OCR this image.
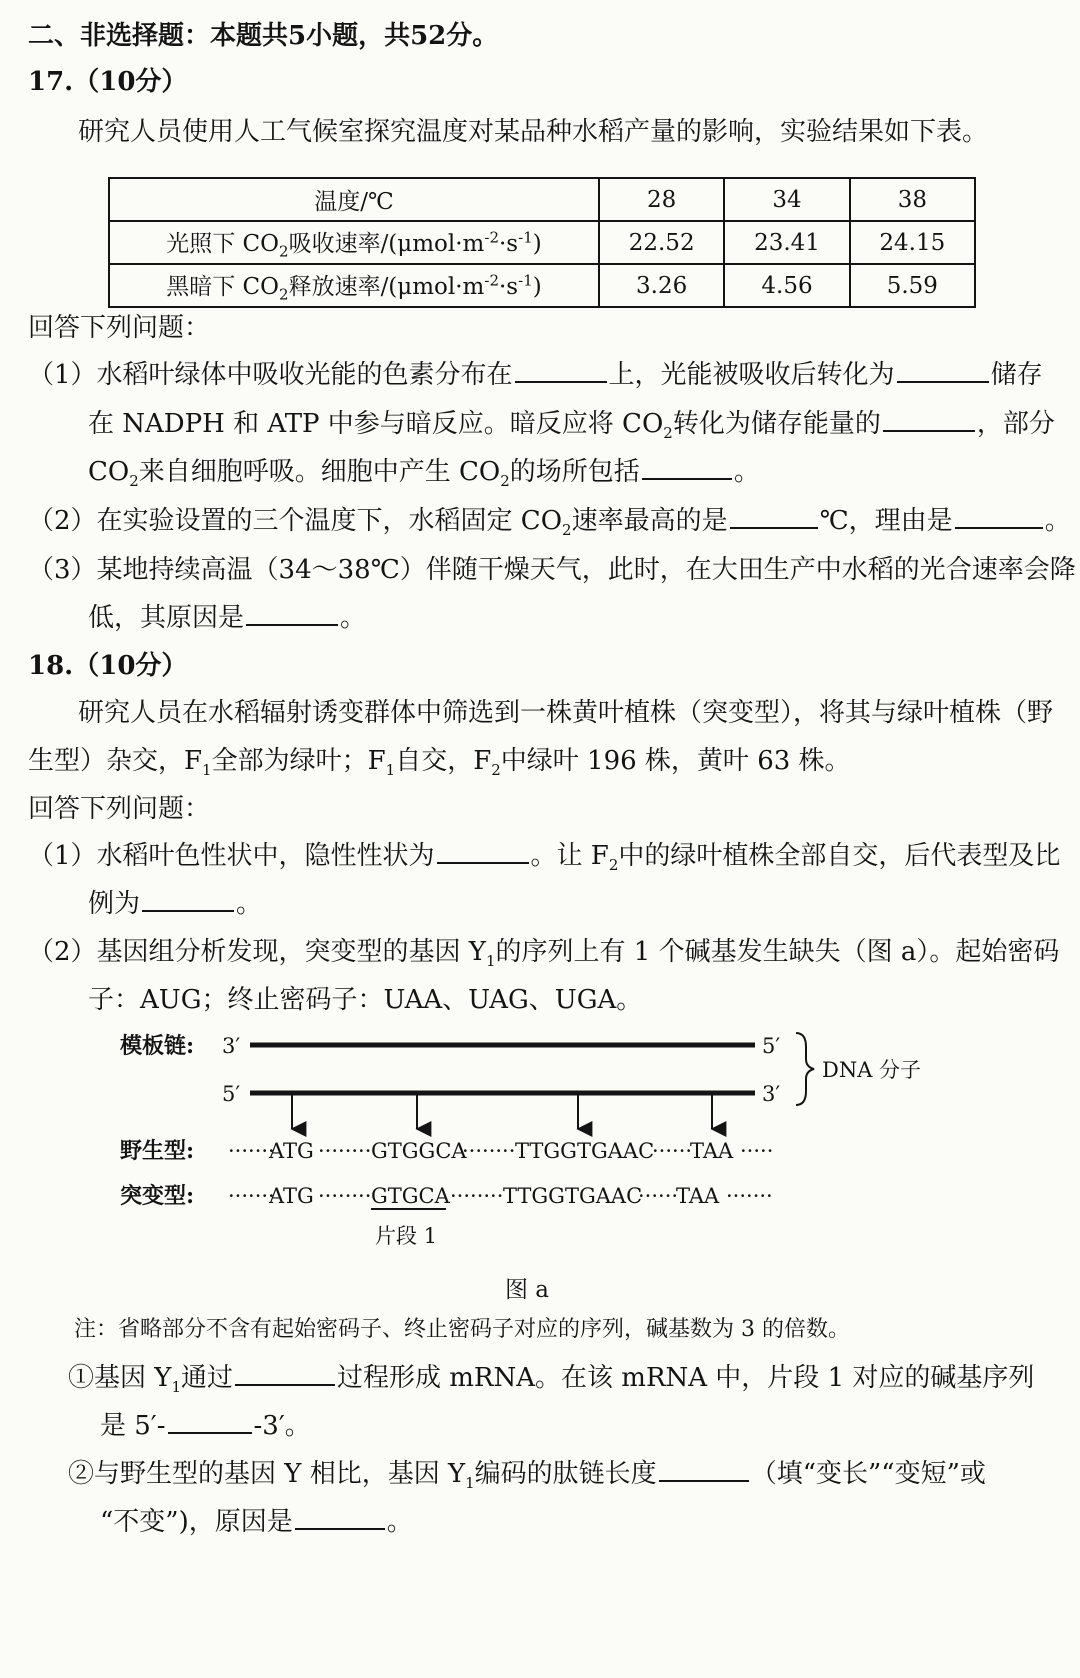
二、非选择题：本题共5小题，共52分。
17.（10分）
研究人员使用人工气候室探究温度对某品种水稻产量的影响，实验结果如下表。
温度/℃	28	34	38
光照下 $CO_2$吸收速率$/(\mu mol\cdot m^{-2}\cdot s^{-1})$	22.52	23.41	24.15
黑暗下 $CO_2$释放速率$/(\mu mol\cdot m^{-2}\cdot s^{-1})$	3.26	4.56	5.59
回答下列问题：
（1）水稻叶绿体中吸收光能的色素分布在	上，光能被吸收后转化为	储存
在 NADPH 和 ATP 中参与暗反应。暗反应将 $CO_2$转化为储存能量的	，部分
$CO_2$来自细胞呼吸。细胞中产生 $CO_2$的场所包括	。
（2）在实验设置的三个温度下，水稻固定 $CO_2$速率最高的是	℃，理由是	。
（3）某地持续高温（34～38℃）伴随干燥天气，此时，在大田生产中水稻的光合速率会降
低，其原因是	。
18.（10分）
研究人员在水稻辐射诱变群体中筛选到一株黄叶植株（突变型），将其与绿叶植株（野
生型）杂交，$F_1$全部为绿叶；$F_1$自交，$F_2$中绿叶 196 株，黄叶 63 株。
回答下列问题：
（1）水稻叶色性状中，隐性性状为	。让 $F_2$中的绿叶植株全部自交，后代表型及比
例为	。
（2）基因组分析发现，突变型的基因 $Y_1$的序列上有 1 个碱基发生缺失（图 a）。起始密码
子：AUG；终止密码子：UAA、UAG、UGA。
模板链: 3′	5′
DNA 分子
5′	3′
野生型: ·······
ATG ········ GTGGCA
········ TTGGTGAAC
······
TAA ·····
突变型: ·······
ATG ········ GTGCA ········ TTGGTGAAC
······
TAA ·······
片段 1
图 a
注：省略部分不含有起始密码子、终止密码子对应的序列，碱基数为 3 的倍数。
①基因 $Y_1$通过	过程形成 mRNA。在该 mRNA 中，片段 1 对应的碱基序列
是 5′-	-3′。
②与野生型的基因 Y 相比，基因 $Y_1$编码的肽链长度	（填“变长”“变短”或
“不变”)，原因是	。
